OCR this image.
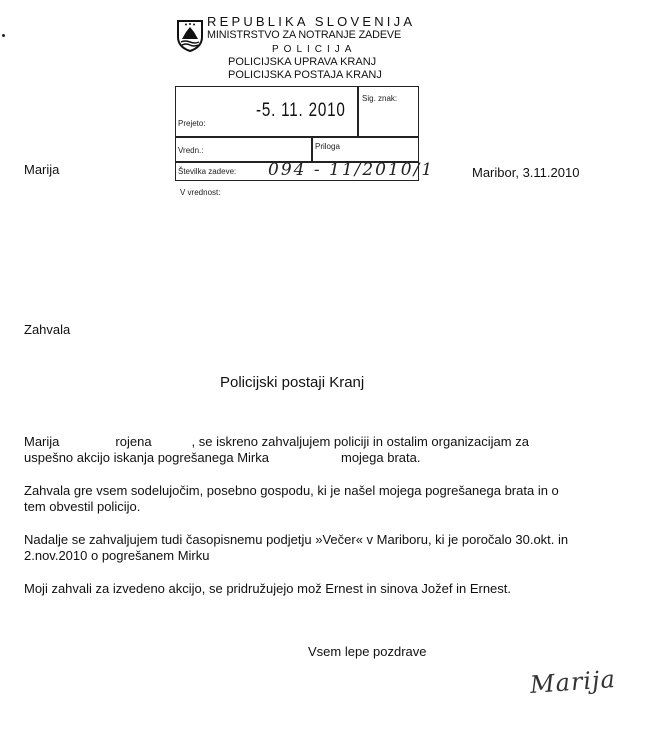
REPUBLIKA SLOVENIJA
MINISTRSTVO ZA NOTRANJE ZADEVE
POLICIJA
POLICIJSKA UPRAVA KRANJ
POLICIJSKA POSTAJA KRANJ
Prejeto:
-5. 11. 2010
Sig. znak:
Vredn.:	Priloga
Številka zadeve: 094 - 11/2010/1
V vrednost:
Marija	Maribor, 3.11.2010
Zahvala
Policijski postaji Kranj
Marija	rojena	, se iskreno zahvaljujem policiji in ostalim organizacijam za
uspešno akcijo iskanja pogrešanega Mirka	mojega brata.
Zahvala gre vsem sodelujočim, posebno gospodu, ki je našel mojega pogrešanega brata in o
tem obvestil policijo.
Nadalje se zahvaljujem tudi časopisnemu podjetju »Večer« v Mariboru, ki je poročalo 30.okt. in
2.nov.2010 o pogrešanem Mirku
Moji zahvali za izvedeno akcijo, se pridružujejo mož Ernest in sinova Jožef in Ernest.
Vsem lepe pozdrave
Marija
